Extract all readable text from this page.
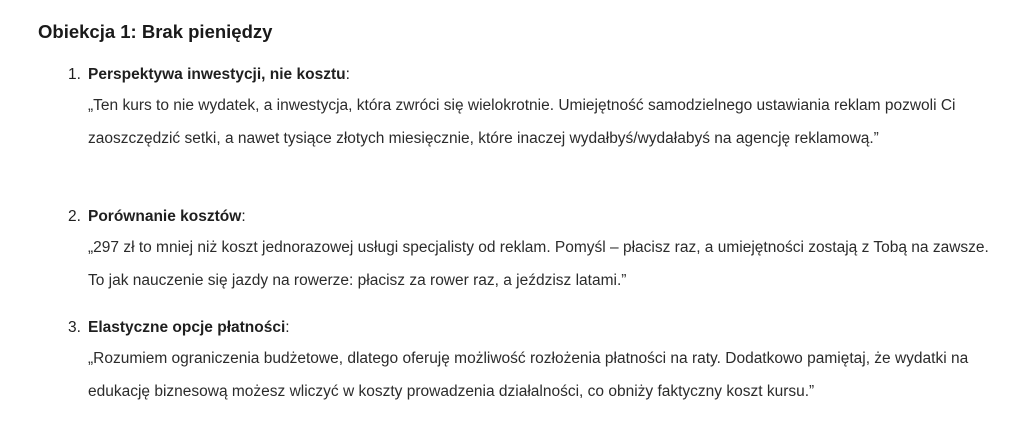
Obiekcja 1: Brak pieniędzy
1. Perspektywa inwestycji, nie kosztu:

„Ten kurs to nie wydatek, a inwestycja, która zwróci się wielokrotnie. Umiejętność samodzielnego ustawiania reklam pozwoli Ci zaoszczędzić setki, a nawet tysiące złotych miesięcznie, które inaczej wydałbyś/wydałabyś na agencję reklamową.”

2. Porównanie kosztów:

„297 zł to mniej niż koszt jednorazowej usługi specjalisty od reklam. Pomyśl – płacisz raz, a umiejętności zostają z Tobą na zawsze. To jak nauczenie się jazdy na rowerze: płacisz za rower raz, a jeździsz latami.”

3. Elastyczne opcje płatności:

„Rozumiem ograniczenia budżetowe, dlatego oferuję możliwość rozłożenia płatności na raty. Dodatkowo pamiętaj, że wydatki na edukację biznesową możesz wliczyć w koszty prowadzenia działalności, co obniży faktyczny koszt kursu.”
